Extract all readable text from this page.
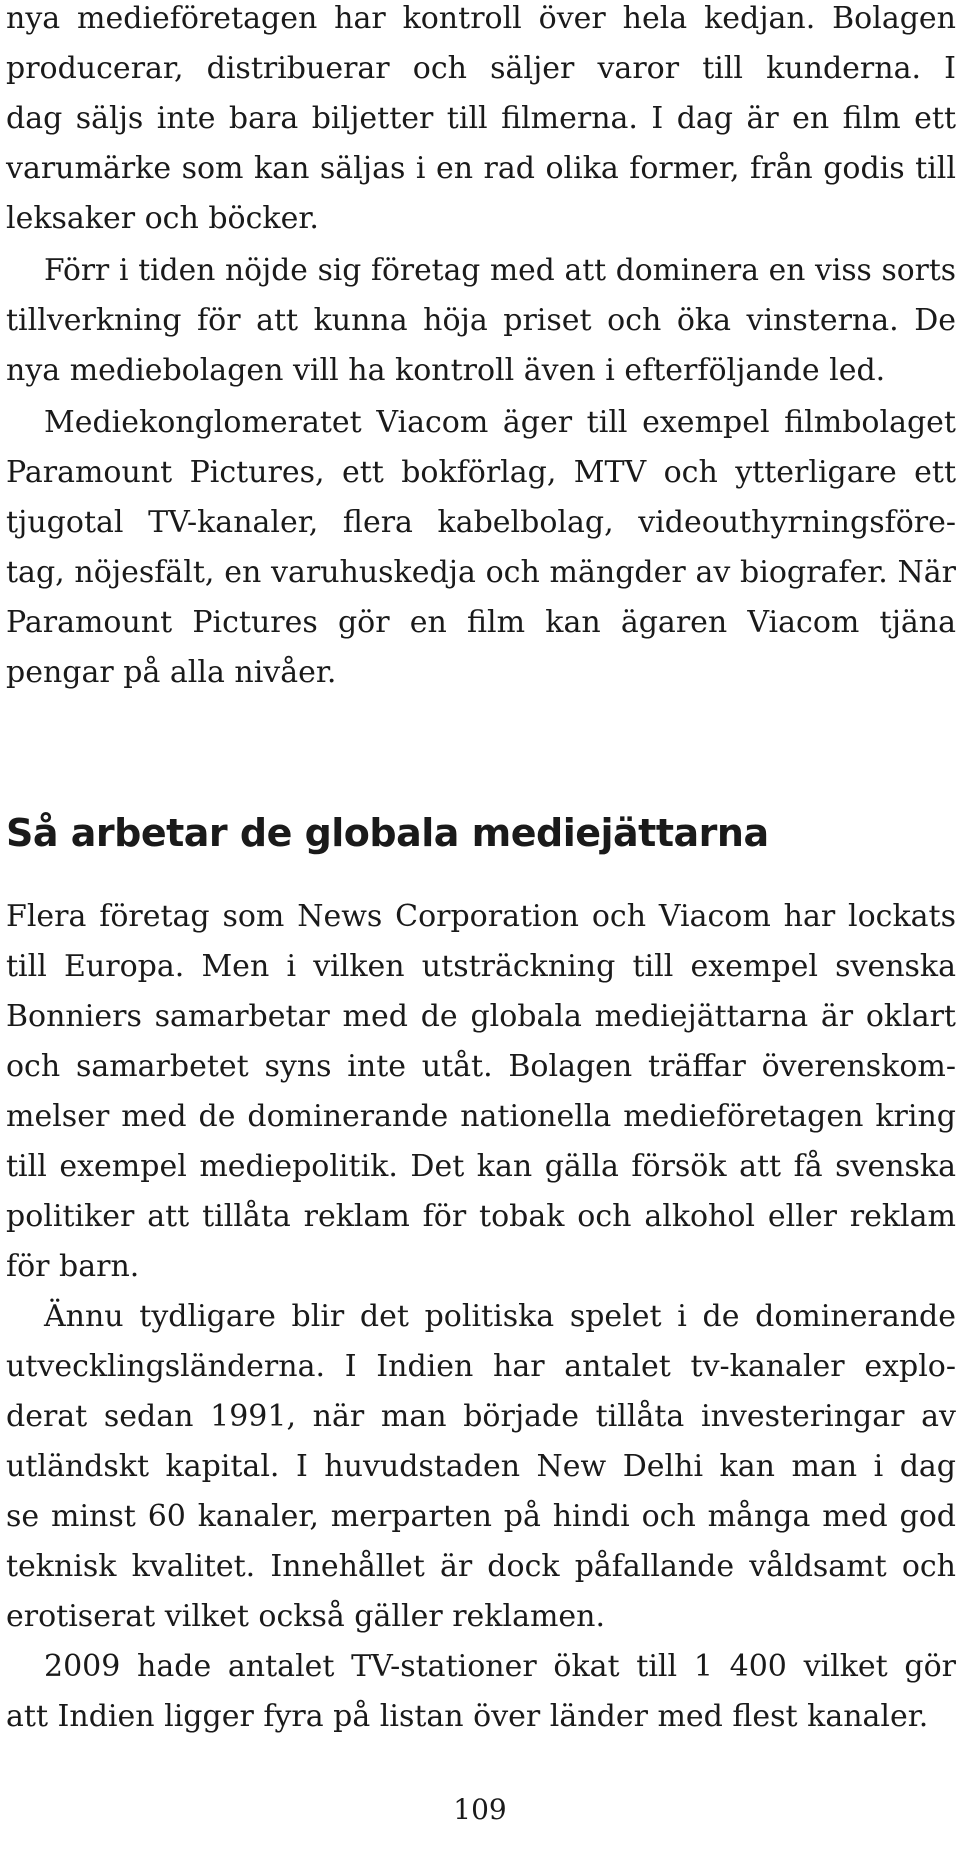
nya medieföretagen har kontroll över hela kedjan. Bolagen

producerar, distribuerar och säljer varor till kunderna. I

dag säljs inte bara biljetter till filmerna. I dag är en film ett

varumärke som kan säljas i en rad olika former, från godis till

leksaker och böcker.

Förr i tiden nöjde sig företag med att dominera en viss sorts

tillverkning för att kunna höja priset och öka vinsterna. De

nya mediebolagen vill ha kontroll även i efterföljande led.

Mediekonglomeratet Viacom äger till exempel filmbolaget

Paramount Pictures, ett bokförlag, MTV och ytterligare ett

tjugotal TV-kanaler, flera kabelbolag, videouthyrningsföre-

tag, nöjesfält, en varuhuskedja och mängder av biografer. När

Paramount Pictures gör en film kan ägaren Viacom tjäna

pengar på alla nivåer.

Så arbetar de globala mediejättarna

Flera företag som News Corporation och Viacom har lockats

till Europa. Men i vilken utsträckning till exempel svenska

Bonniers samarbetar med de globala mediejättarna är oklart

och samarbetet syns inte utåt. Bolagen träffar överenskom-

melser med de dominerande nationella medieföretagen kring

till exempel mediepolitik. Det kan gälla försök att få svenska

politiker att tillåta reklam för tobak och alkohol eller reklam

för barn.

Ännu tydligare blir det politiska spelet i de dominerande

utvecklingsländerna. I Indien har antalet tv-kanaler explo-

derat sedan 1991, när man började tillåta investeringar av

utländskt kapital. I huvudstaden New Delhi kan man i dag

se minst 60 kanaler, merparten på hindi och många med god

teknisk kvalitet. Innehållet är dock påfallande våldsamt och

erotiserat vilket också gäller reklamen.

2009 hade antalet TV-stationer ökat till 1 400 vilket gör

att Indien ligger fyra på listan över länder med flest kanaler.

109
